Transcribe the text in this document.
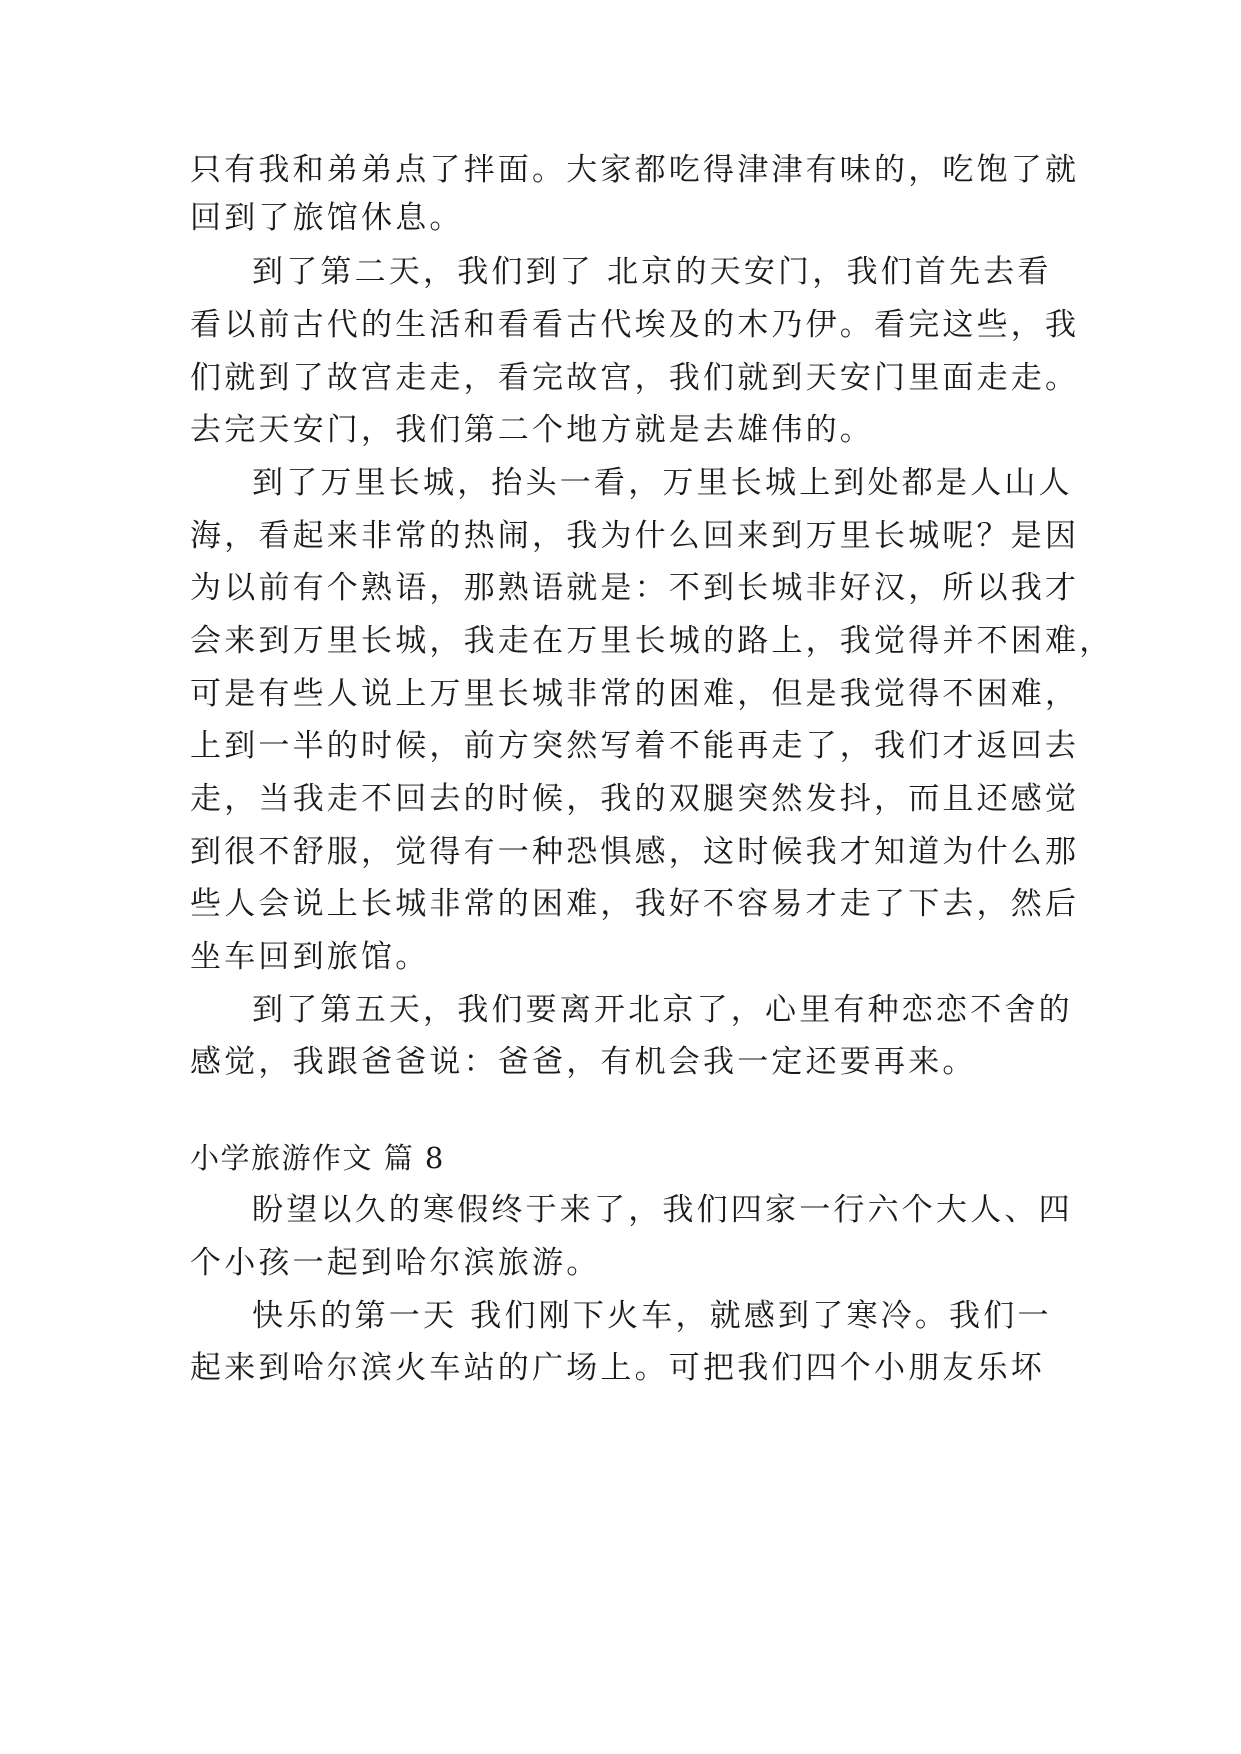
只有我和弟弟点了拌面。大家都吃得津津有味的，吃饱了就
回到了旅馆休息。
到了第二天，我们到了 北京的天安门，我们首先去看
看以前古代的生活和看看古代埃及的木乃伊。看完这些，我
们就到了故宫走走，看完故宫，我们就到天安门里面走走。
去完天安门，我们第二个地方就是去雄伟的。
到了万里长城，抬头一看，万里长城上到处都是人山人
海，看起来非常的热闹，我为什么回来到万里长城呢？是因
为以前有个熟语，那熟语就是：不到长城非好汉，所以我才
会来到万里长城，我走在万里长城的路上，我觉得并不困难，
可是有些人说上万里长城非常的困难，但是我觉得不困难，
上到一半的时候，前方突然写着不能再走了，我们才返回去
走，当我走不回去的时候，我的双腿突然发抖，而且还感觉
到很不舒服，觉得有一种恐惧感，这时候我才知道为什么那
些人会说上长城非常的困难，我好不容易才走了下去，然后
坐车回到旅馆。
到了第五天，我们要离开北京了，心里有种恋恋不舍的
感觉，我跟爸爸说：爸爸，有机会我一定还要再来。
小学旅游作文 篇 8
盼望以久的寒假终于来了，我们四家一行六个大人、四
个小孩一起到哈尔滨旅游。
快乐的第一天 我们刚下火车，就感到了寒冷。我们一
起来到哈尔滨火车站的广场上。可把我们四个小朋友乐坏
